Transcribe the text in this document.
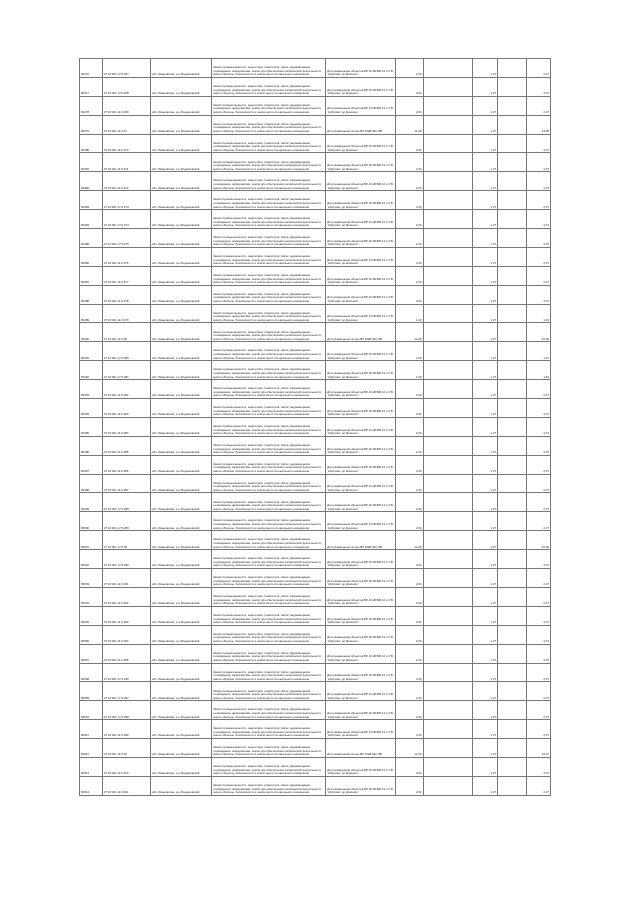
82476	27:10:001 17:0:267	обл. Ивановская, р-н Родниковский	Земли промышленности, энергетики, транспорта, связи, радиовещания, телевидения, информатики, земли для обеспечения космической деятельности, земли обороны, безопасности и земли иного специального назначения	Для размещения объектов ВЛ 10 кВ ВМ 14 от ПС 'Арбузово' до Красного'	2,00		1,27		2,07
82477	27:10:001 17:0:268	обл. Ивановская, р-н Родниковский	Земли промышленности, энергетики, транспорта, связи, радиовещания, телевидения, информатики, земли для обеспечения космической деятельности, земли обороны, безопасности и земли иного специального назначения	Для размещения объектов ВЛ 10 кВ ВМ 14 от ПС 'Арбузово' до Красного'	2,00		1,27		2,07
82478	37:15:021 11:0:269	обл. Ивановская, р-н Родниковский	Земли промышленности, энергетики, транспорта, связи, радиовещания, телевидения, информатики, земли для обеспечения космической деятельности, земли обороны, безопасности и земли иного специального назначения	Для размещения объектов ВЛ 10 кВ ВМ 14 от ПС 'Арбузово' до Красного'	2,00		1,27		2,07
82479	37:15:021 11:0:37	обл. Ивановская, р-н Родниковский	Земли промышленности, энергетики, транспорта, связи, радиовещания, телевидения, информатики, земли для обеспечения космической деятельности, земли обороны, безопасности и земли иного специального назначения	Для размещения опоры ВЛ 10кВ №1-ПВ	11,00		1,27		13,95
82480	37:15:021 11:0:270	обл. Ивановская, р-н Родниковский	Земли промышленности, энергетики, транспорта, связи, радиовещания, телевидения, информатики, земли для обеспечения космической деятельности, земли обороны, безопасности и земли иного специального назначения	Для размещения объектов ВЛ 10 кВ ВМ 14 от ПС 'Арбузово' до Красного'	2,00		1,27		2,07
82481	37:15:021 11:0:271	обл. Ивановская, р-н Родниковский	Земли промышленности, энергетики, транспорта, связи, радиовещания, телевидения, информатики, земли для обеспечения космической деятельности, земли обороны, безопасности и земли иного специального назначения	Для размещения объектов ВЛ 10 кВ ВМ 14 от ПС 'Арбузово' до Красного'	2,00		1,27		2,07
82482	37:15:021 11:0:272	обл. Ивановская, р-н Родниковский	Земли промышленности, энергетики, транспорта, связи, радиовещания, телевидения, информатики, земли для обеспечения космической деятельности, земли обороны, безопасности и земли иного специального назначения	Для размещения объектов ВЛ 10 кВ ВМ 14 от ПС 'Арбузово' до Красного'	2,00		1,27		2,07
82483	27:10:001 17:0:273	обл. Ивановская, р-н Родниковский	Земли промышленности, энергетики, транспорта, связи, радиовещания, телевидения, информатики, земли для обеспечения космической деятельности, земли обороны, безопасности и земли иного специального назначения	Для размещения объектов ВЛ 10 кВ ВМ 14 от ПС 'Арбузово' до Красного'	2,00		1,27		2,07
82484	27:10:001 17:0:274	обл. Ивановская, р-н Родниковский	Земли промышленности, энергетики, транспорта, связи, радиовещания, телевидения, информатики, земли для обеспечения космической деятельности, земли обороны, безопасности и земли иного специального назначения	Для размещения объектов ВЛ 10 кВ ВМ 14 от ПС 'Арбузово' до Красного'	2,00		1,27		2,07
82485	27:10:001 17:0:275	обл. Ивановская, р-н Родниковский	Земли промышленности, энергетики, транспорта, связи, радиовещания, телевидения, информатики, земли для обеспечения космической деятельности, земли обороны, безопасности и земли иного специального назначения	Для размещения объектов ВЛ 10 кВ ВМ 14 от ПС 'Арбузово' до Красного'	2,00		1,27		2,07
82486	37:15:021 11:0:276	обл. Ивановская, р-н Родниковский	Земли промышленности, энергетики, транспорта, связи, радиовещания, телевидения, информатики, земли для обеспечения космической деятельности, земли обороны, безопасности и земли иного специального назначения	Для размещения объектов ВЛ 10 кВ ВМ 14 от ПС 'Арбузово' до Красного'	2,00		1,27		2,07
82487	37:15:021 11:0:277	обл. Ивановская, р-н Родниковский	Земли промышленности, энергетики, транспорта, связи, радиовещания, телевидения, информатики, земли для обеспечения космической деятельности, земли обороны, безопасности и земли иного специального назначения	Для размещения объектов ВЛ 10 кВ ВМ 14 от ПС 'Арбузово' до Красного'	2,00		1,27		2,07
82488	37:15:021 11:0:278	обл. Ивановская, р-н Родниковский	Земли промышленности, энергетики, транспорта, связи, радиовещания, телевидения, информатики, земли для обеспечения космической деятельности, земли обороны, безопасности и земли иного специального назначения	Для размещения объектов ВЛ 10 кВ ВМ 14 от ПС 'Арбузово' до Красного'	2,00		1,27		2,07
82489	37:15:021 11:0:279	обл. Ивановская, р-н Родниковский	Земли промышленности, энергетики, транспорта, связи, радиовещания, телевидения, информатики, земли для обеспечения космической деятельности, земли обороны, безопасности и земли иного специального назначения	Для размещения объектов ВЛ 10 кВ ВМ 14 от ПС 'Арбузово' до Красного'	1,00		1,27		1,49
82490	37:15:021 11:0:38	обл. Ивановская, р-н Родниковский	Земли промышленности, энергетики, транспорта, связи, радиовещания, телевидения, информатики, земли для обеспечения космической деятельности, земли обороны, безопасности и земли иного специального назначения	Для размещения опоры ВЛ 10кВ №1-ПВ	12,00		1,27		15,00
82491	27:10:001 17:0:280	обл. Ивановская, р-н Родниковский	Земли промышленности, энергетики, транспорта, связи, радиовещания, телевидения, информатики, земли для обеспечения космической деятельности, земли обороны, безопасности и земли иного специального назначения	Для размещения объектов ВЛ 10 кВ ВМ 14 от ПС 'Арбузово' до Красного'	1,00		1,27		1,27
82492	27:10:001 17:0:281	обл. Ивановская, р-н Родниковский	Земли промышленности, энергетики, транспорта, связи, радиовещания, телевидения, информатики, земли для обеспечения космической деятельности, земли обороны, безопасности и земли иного специального назначения	Для размещения объектов ВЛ 10 кВ ВМ 14 от ПС 'Арбузово' до Красного'	1,00		1,27		1,52
82493	37:15:021 11:0:282	обл. Ивановская, р-н Родниковский	Земли промышленности, энергетики, транспорта, связи, радиовещания, телевидения, информатики, земли для обеспечения космической деятельности, земли обороны, безопасности и земли иного специального назначения	Для размещения объектов ВЛ 10 кВ ВМ 14 от ПС 'Арбузово' до Красного'	2,00		1,27		2,07
82494	37:15:021 11:0:283	обл. Ивановская, р-н Родниковский	Земли промышленности, энергетики, транспорта, связи, радиовещания, телевидения, информатики, земли для обеспечения космической деятельности, земли обороны, безопасности и земли иного специального назначения	Для размещения объектов ВЛ 10 кВ ВМ 14 от ПС 'Арбузово' до Красного'	2,00		1,27		2,07
82495	37:15:021 11:0:284	обл. Ивановская, р-н Родниковский	Земли промышленности, энергетики, транспорта, связи, радиовещания, телевидения, информатики, земли для обеспечения космической деятельности, земли обороны, безопасности и земли иного специального назначения	Для размещения объектов ВЛ 10 кВ ВМ 14 от ПС 'Арбузово' до Красного'	2,00		1,27		2,07
82496	37:15:021 11:0:285	обл. Ивановская, р-н Родниковский	Земли промышленности, энергетики, транспорта, связи, радиовещания, телевидения, информатики, земли для обеспечения космической деятельности, земли обороны, безопасности и земли иного специального назначения	Для размещения объектов ВЛ 10 кВ ВМ 14 от ПС 'Арбузово' до Красного'	2,00		1,27		2,07
82497	37:15:021 11:0:286	обл. Ивановская, р-н Родниковский	Земли промышленности, энергетики, транспорта, связи, радиовещания, телевидения, информатики, земли для обеспечения космической деятельности, земли обороны, безопасности и земли иного специального назначения	Для размещения объектов ВЛ 10 кВ ВМ 14 от ПС 'Арбузово' до Красного'	2,00		1,27		2,07
82498	37:15:021 11:0:287	обл. Ивановская, р-н Родниковский	Земли промышленности, энергетики, транспорта, связи, радиовещания, телевидения, информатики, земли для обеспечения космической деятельности, земли обороны, безопасности и земли иного специального назначения	Для размещения объектов ВЛ 10 кВ ВМ 14 от ПС 'Арбузово' до Красного'	2,00		1,27		2,07
82499	27:10:001 17:0:288	обл. Ивановская, р-н Родниковский	Земли промышленности, энергетики, транспорта, связи, радиовещания, телевидения, информатики, земли для обеспечения космической деятельности, земли обороны, безопасности и земли иного специального назначения	Для размещения объектов ВЛ 10 кВ ВМ 14 от ПС 'Арбузово' до Красного'	2,00		1,27		2,07
82500	27:10:001 17:0:289	обл. Ивановская, р-н Родниковский	Земли промышленности, энергетики, транспорта, связи, радиовещания, телевидения, информатики, земли для обеспечения космической деятельности, земли обороны, безопасности и земли иного специального назначения	Для размещения объектов ВЛ 10 кВ ВМ 14 от ПС 'Арбузово' до Красного'	2,00		1,27		2,07
82501	27:10:001 17:0:39	обл. Ивановская, р-н Родниковский	Земли промышленности, энергетики, транспорта, связи, радиовещания, телевидения, информатики, земли для обеспечения космической деятельности, земли обороны, безопасности и земли иного специального назначения	Для размещения опоры ВЛ 10кВ №1-ПВ	12,00		1,27		15,00
82502	27:10:001 17:0:290	обл. Ивановская, р-н Родниковский	Земли промышленности, энергетики, транспорта, связи, радиовещания, телевидения, информатики, земли для обеспечения космической деятельности, земли обороны, безопасности и земли иного специального назначения	Для размещения объектов ВЛ 10 кВ ВМ 14 от ПС 'Арбузово' до Красного'	2,00		1,27		2,07
82503	37:15:021 11:0:291	обл. Ивановская, р-н Родниковский	Земли промышленности, энергетики, транспорта, связи, радиовещания, телевидения, информатики, земли для обеспечения космической деятельности, земли обороны, безопасности и земли иного специального назначения	Для размещения объектов ВЛ 10 кВ ВМ 14 от ПС 'Арбузово' до Красного'	2,00		1,27		2,07
82504	37:15:021 11:0:292	обл. Ивановская, р-н Родниковский	Земли промышленности, энергетики, транспорта, связи, радиовещания, телевидения, информатики, земли для обеспечения космической деятельности, земли обороны, безопасности и земли иного специального назначения	Для размещения объектов ВЛ 10 кВ ВМ 14 от ПС 'Арбузово' до Красного'	2,00		1,27		2,07
82505	37:15:021 11:0:293	обл. Ивановская, р-н Родниковский	Земли промышленности, энергетики, транспорта, связи, радиовещания, телевидения, информатики, земли для обеспечения космической деятельности, земли обороны, безопасности и земли иного специального назначения	Для размещения объектов ВЛ 10 кВ ВМ 14 от ПС 'Арбузово' до Красного'	2,00		1,27		2,07
82506	37:15:021 11:0:294	обл. Ивановская, р-н Родниковский	Земли промышленности, энергетики, транспорта, связи, радиовещания, телевидения, информатики, земли для обеспечения космической деятельности, земли обороны, безопасности и земли иного специального назначения	Для размещения объектов ВЛ 10 кВ ВМ 14 от ПС 'Арбузово' до Красного'	2,00		1,27		2,07
82507	37:15:021 11:0:295	обл. Ивановская, р-н Родниковский	Земли промышленности, энергетики, транспорта, связи, радиовещания, телевидения, информатики, земли для обеспечения космической деятельности, земли обороны, безопасности и земли иного специального назначения	Для размещения объектов ВЛ 10 кВ ВМ 14 от ПС 'Арбузово' до Красного'	2,00		1,27		2,07
82508	27:10:001 17:0:296	обл. Ивановская, р-н Родниковский	Земли промышленности, энергетики, транспорта, связи, радиовещания, телевидения, информатики, земли для обеспечения космической деятельности, земли обороны, безопасности и земли иного специального назначения	Для размещения объектов ВЛ 10 кВ ВМ 14 от ПС 'Арбузово' до Красного'	2,00		1,27		2,07
82509	27:10:001 17:0:297	обл. Ивановская, р-н Родниковский	Земли промышленности, энергетики, транспорта, связи, радиовещания, телевидения, информатики, земли для обеспечения космической деятельности, земли обороны, безопасности и земли иного специального назначения	Для размещения объектов ВЛ 10 кВ ВМ 14 от ПС 'Арбузово' до Красного'	2,00		1,27		2,07
82510	27:10:001 17:0:298	обл. Ивановская, р-н Родниковский	Земли промышленности, энергетики, транспорта, связи, радиовещания, телевидения, информатики, земли для обеспечения космической деятельности, земли обороны, безопасности и земли иного специального назначения	Для размещения объектов ВЛ 10 кВ ВМ 14 от ПС 'Арбузово' до Красного'	2,00		1,27		2,07
82511	37:15:021 11:0:299	обл. Ивановская, р-н Родниковский	Земли промышленности, энергетики, транспорта, связи, радиовещания, телевидения, информатики, земли для обеспечения космической деятельности, земли обороны, безопасности и земли иного специального назначения	Для размещения объектов ВЛ 10 кВ ВМ 14 от ПС 'Арбузово' до Красного'	2,00		1,27		2,07
82512	37:15:021 11:0:40	обл. Ивановская, р-н Родниковский	Земли промышленности, энергетики, транспорта, связи, радиовещания, телевидения, информатики, земли для обеспечения космической деятельности, земли обороны, безопасности и земли иного специального назначения	Для размещения опоры ВЛ 10кВ №1-ПВ	12,00		1,27		15,07
82513	37:15:021 11:0:400	обл. Ивановская, р-н Родниковский	Земли промышленности, энергетики, транспорта, связи, радиовещания, телевидения, информатики, земли для обеспечения космической деятельности, земли обороны, безопасности и земли иного специального назначения	Для размещения объектов ВЛ 10 кВ ВМ 14 от ПС 'Арбузово' до Красного'	2,00		1,27		2,07
82514	37:15:021 11:0:401	обл. Ивановская, р-н Родниковский	Земли промышленности, энергетики, транспорта, связи, радиовещания, телевидения, информатики, земли для обеспечения космической деятельности, земли обороны, безопасности и земли иного специального назначения	Для размещения объектов ВЛ 10 кВ ВМ 14 от ПС 'Арбузово' до Красного'	2,00		1,27		2,07
